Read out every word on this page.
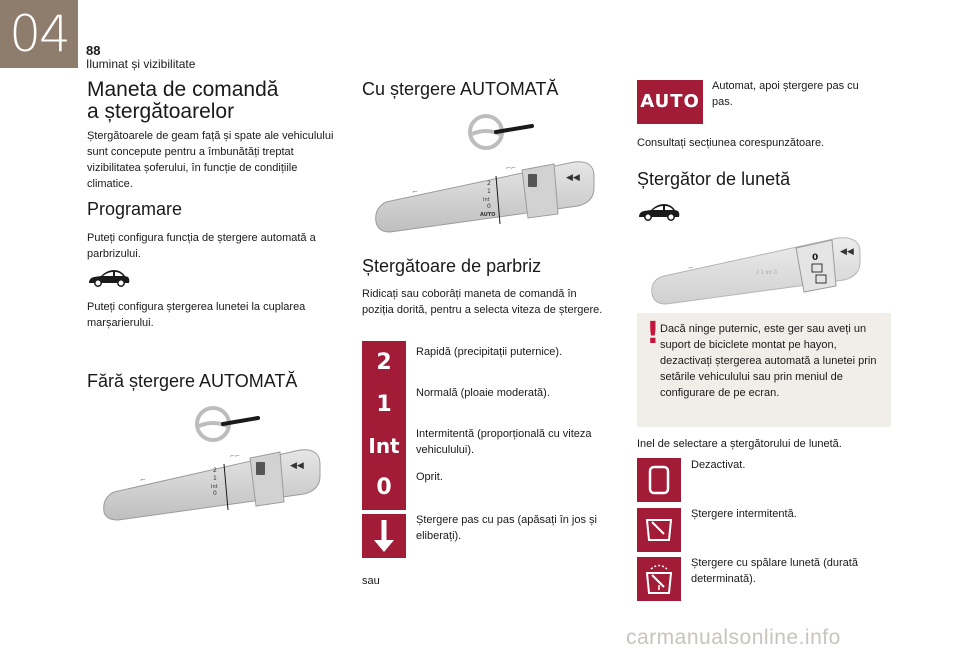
04	88
Iluminat și vizibilitate
Maneta de comandă
a ștergătoarelor
Ștergătoarele de geam față și spate ale vehiculului sunt concepute pentru a îmbunătăți treptat vizibilitatea șoferului, în funcție de condițiile climatice.
Programare
Puteți configura funcția de ștergere automată a parbrizului.
Puteți configura ștergerea lunetei la cuplarea marșarierului.
Fără ștergere AUTOMATĂ
◀◀
⌐⌐
⌐
2
1
Int
0
Cu ștergere AUTOMATĂ
◀◀
⌐⌐
⌐
2
1
Int
0
AUTO
Ștergătoare de parbriz
Ridicați sau coborâți maneta de comandă în poziția dorită, pentru a selecta viteza de ștergere.
2	Rapidă (precipitații puternice).
1	Normală (ploaie moderată).
Int	Intermitentă (proporțională cu viteza vehiculului).
0	Oprit.
Ștergere pas cu pas (apăsați în jos și eliberați).
sau
AUTO
Automat, apoi ștergere pas cu pas.
Consultați secțiunea corespunzătoare.
Ștergător de lunetă
◀◀
0
⌐
2 1 Int 0
! Dacă ninge puternic, este ger sau aveți un suport de biciclete montat pe hayon, dezactivați ștergerea automată a lunetei prin setările vehiculului sau prin meniul de configurare de pe ecran.
Inel de selectare a ștergătorului de lunetă.
Dezactivat.
Ștergere intermitentă.
Ștergere cu spălare lunetă (durată determinată).
carmanualsonline.info
